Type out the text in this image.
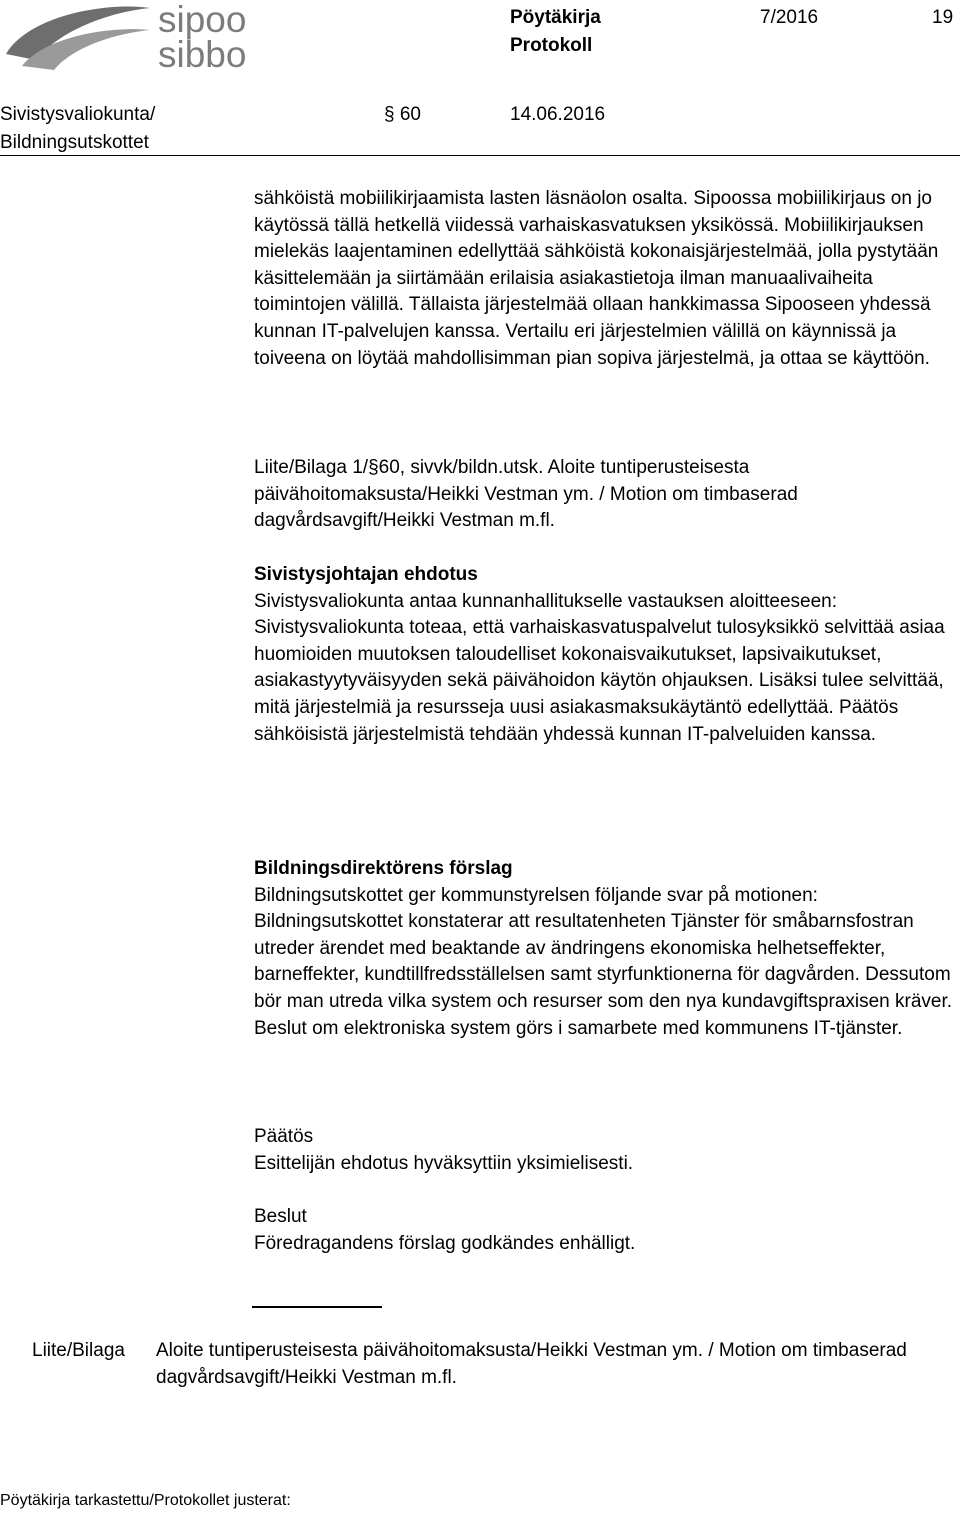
sipoo
sibbo
Pöytäkirja
Protokoll
7/2016	19
Sivistysvaliokunta/
Bildningsutskottet
§ 60	14.06.2016

sähköistä mobiilikirjaamista lasten läsnäolon osalta. Sipoossa mobiilikirjaus on jo käytössä tällä hetkellä viidessä varhaiskasvatuksen yksikössä. Mobiilikirjauksen mielekäs laajentaminen edellyttää sähköistä kokonaisjärjestelmää, jolla pystytään käsittelemään ja siirtämään erilaisia asiakastietoja ilman manuaalivaiheita toimintojen välillä. Tällaista järjestelmää ollaan hankkimassa Sipooseen yhdessä kunnan IT-palvelujen kanssa. Vertailu eri järjestelmien välillä on käynnissä ja toiveena on löytää mahdollisimman pian sopiva järjestelmä, ja ottaa se käyttöön.

Liite/Bilaga 1/§60, sivvk/bildn.utsk. Aloite tuntiperusteisesta päivähoitomaksusta/Heikki Vestman ym. / Motion om timbaserad dagvårdsavgift/Heikki Vestman m.fl.

Sivistysjohtajan ehdotus

Sivistysvaliokunta antaa kunnanhallitukselle vastauksen aloitteeseen:

Sivistysvaliokunta toteaa, että varhaiskasvatuspalvelut tulosyksikkö selvittää asiaa huomioiden muutoksen taloudelliset kokonaisvaikutukset, lapsivaikutukset, asiakastyytyväisyyden sekä päivähoidon käytön ohjauksen. Lisäksi tulee selvittää, mitä järjestelmiä ja resursseja uusi asiakasmaksukäytäntö edellyttää. Päätös sähköisistä järjestelmistä tehdään yhdessä kunnan IT-palveluiden kanssa.

Bildningsdirektörens förslag

Bildningsutskottet ger kommunstyrelsen följande svar på motionen:

Bildningsutskottet konstaterar att resultatenheten Tjänster för småbarnsfostran utreder ärendet med beaktande av ändringens ekonomiska helhetseffekter, barneffekter, kundtillfredsställelsen samt styrfunktionerna för dagvården. Dessutom bör man utreda vilka system och resurser som den nya kundavgiftspraxisen kräver. Beslut om elektroniska system görs i samarbete med kommunens IT-tjänster.

Päätös

Esittelijän ehdotus hyväksyttiin yksimielisesti.

Beslut

Föredragandens förslag godkändes enhälligt.

Liite/Bilaga Aloite tuntiperusteisesta päivähoitomaksusta/Heikki Vestman ym. / Motion om timbaserad dagvårdsavgift/Heikki Vestman m.fl.
Pöytäkirja tarkastettu/Protokollet justerat:
